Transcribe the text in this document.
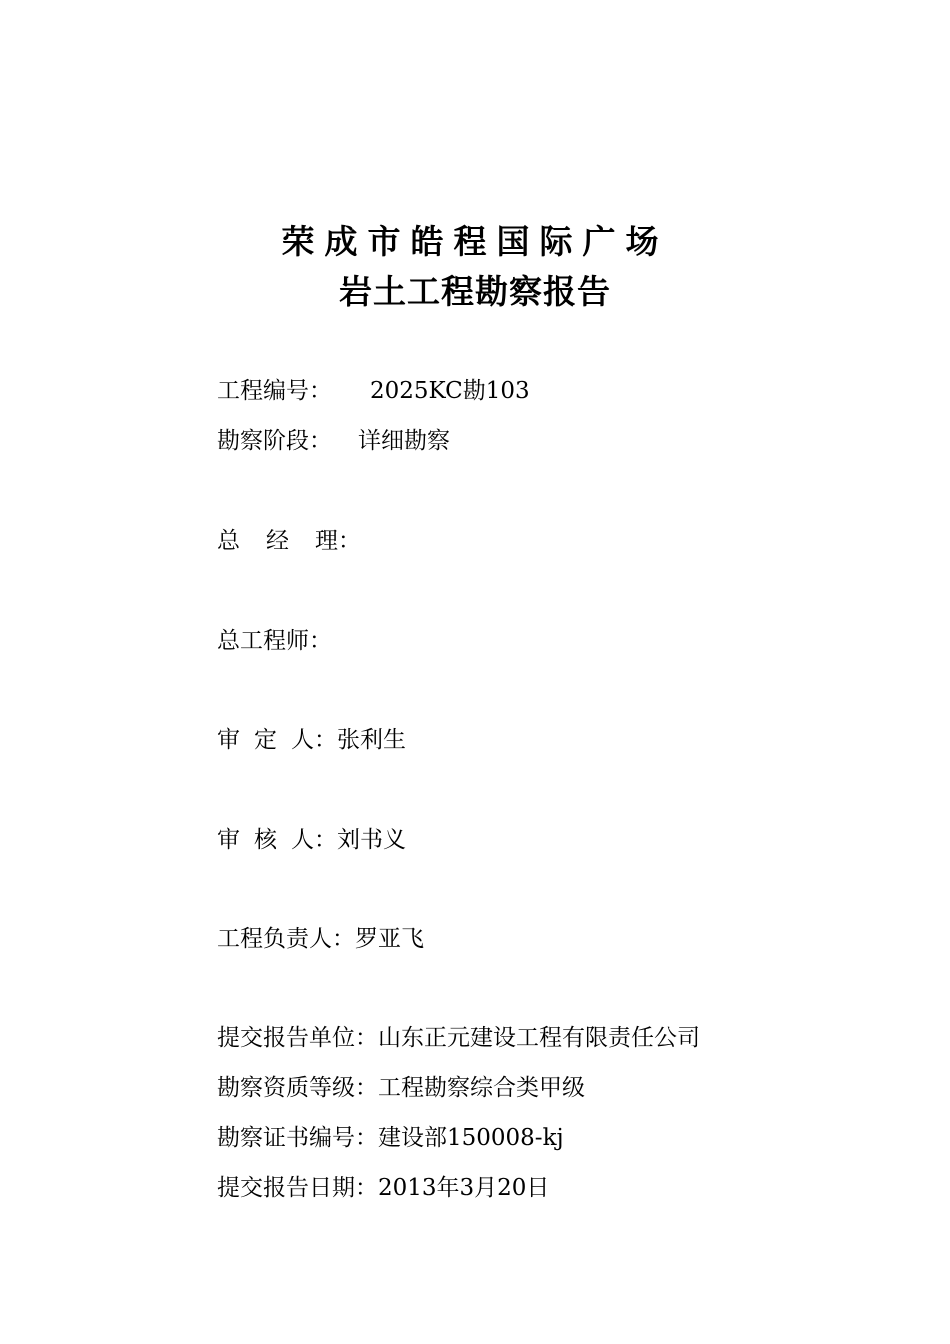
荣成市皓程国际广场
岩土工程勘察报告
工程编号： 2025KC勘103
勘察阶段： 详细勘察
总经理：
总工程师：
审定人：张利生
审核人：刘书义
工程负责人：罗亚飞
提交报告单位：山东正元建设工程有限责任公司
勘察资质等级：工程勘察综合类甲级
勘察证书编号：建设部150008-kj
提交报告日期：2013年3月20日
